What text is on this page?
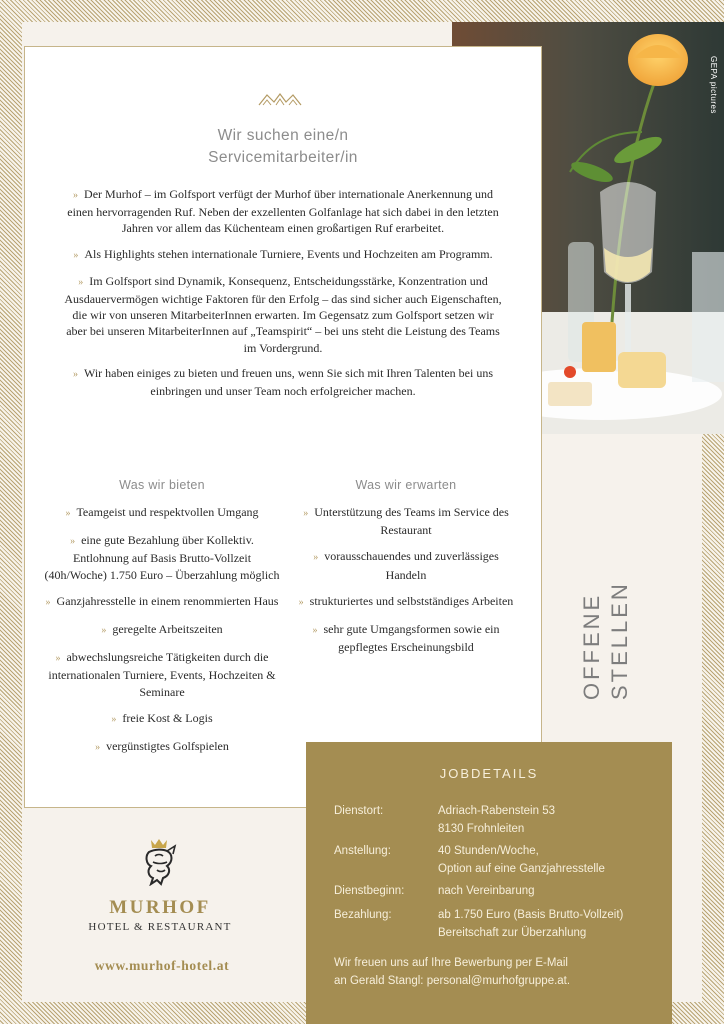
GEPA pictures
Wir suchen eine/n
Servicemitarbeiter/in

» Der Murhof – im Golfsport verfügt der Murhof über internationale Anerkennung und einen hervorragenden Ruf. Neben der exzellenten Golfanlage hat sich dabei in den letzten Jahren vor allem das Küchenteam einen großartigen Ruf erarbeitet.

» Als Highlights stehen internationale Turniere, Events und Hochzeiten am Programm.

» Im Golfsport sind Dynamik, Konsequenz, Entscheidungsstärke, Konzentration und Ausdauervermögen wichtige Faktoren für den Erfolg – das sind sicher auch Eigenschaften, die wir von unseren MitarbeiterInnen erwarten. Im Gegensatz zum Golfsport setzen wir aber bei unseren MitarbeiterInnen auf „Teamspirit“ – bei uns steht die Leistung des Teams im Vordergrund.

» Wir haben einiges zu bieten und freuen uns, wenn Sie sich mit Ihren Talenten bei uns einbringen und unser Team noch erfolgreicher machen.

Was wir bieten
» Teamgeist und respektvollen Umgang
» eine gute Bezahlung über Kollektiv. Entlohnung auf Basis Brutto-Vollzeit (40h/Woche) 1.750 Euro – Überzahlung möglich
» Ganzjahresstelle in einem renommierten Haus
» geregelte Arbeitszeiten
» abwechslungsreiche Tätigkeiten durch die internationalen Turniere, Events, Hochzeiten & Seminare
» freie Kost & Logis
» vergünstigtes Golfspielen
Was wir erwarten
» Unterstützung des Teams im Service des Restaurant
» vorausschauendes und zuverlässiges Handeln
» strukturiertes und selbstständiges Arbeiten
» sehr gute Umgangsformen sowie ein gepflegtes Erscheinungsbild	OFFENE STELLEN
JOBDETAILS
Dienstort:	Adriach-Rabenstein 53
8130 Frohnleiten
Anstellung:	40 Stunden/Woche,
Option auf eine Ganzjahresstelle
Dienstbeginn:	nach Vereinbarung
Bezahlung:	ab 1.750 Euro (Basis Brutto-Vollzeit)
Bereitschaft zur Überzahlung
Wir freuen uns auf Ihre Bewerbung per E-Mail
an Gerald Stangl: personal@murhofgruppe.at.
MURHOF
HOTEL & RESTAURANT
www.murhof-hotel.at
